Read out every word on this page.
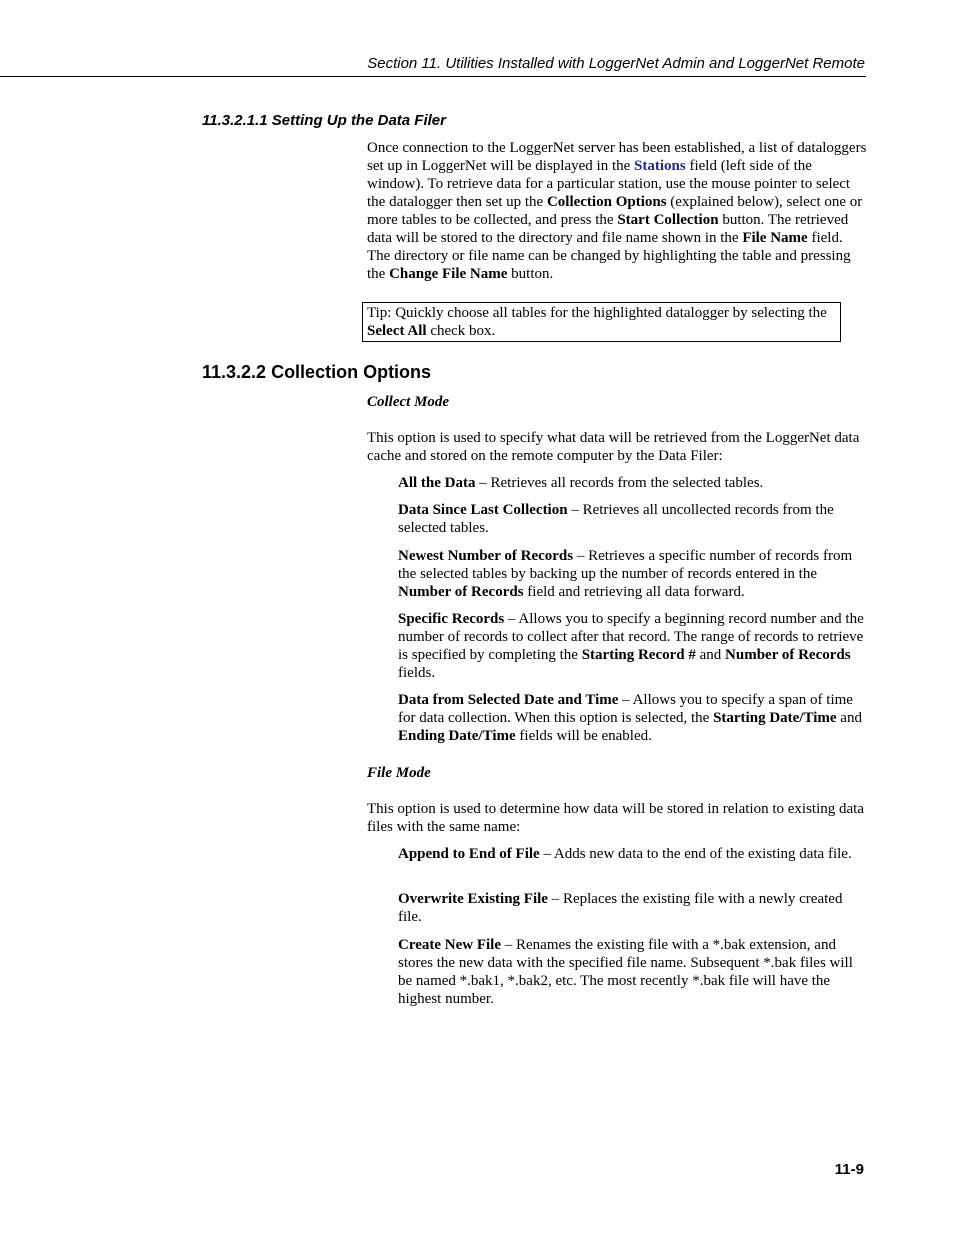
Section 11. Utilities Installed with LoggerNet Admin and LoggerNet Remote
11.3.2.1.1 Setting Up the Data Filer
Once connection to the LoggerNet server has been established, a list of dataloggers set up in LoggerNet will be displayed in the Stations field (left side of the window). To retrieve data for a particular station, use the mouse pointer to select the datalogger then set up the Collection Options (explained below), select one or more tables to be collected, and press the Start Collection button. The retrieved data will be stored to the directory and file name shown in the File Name field. The directory or file name can be changed by highlighting the table and pressing the Change File Name button.
Tip: Quickly choose all tables for the highlighted datalogger by selecting the Select All check box.
11.3.2.2 Collection Options
Collect Mode
This option is used to specify what data will be retrieved from the LoggerNet data cache and stored on the remote computer by the Data Filer:
All the Data – Retrieves all records from the selected tables.
Data Since Last Collection – Retrieves all uncollected records from the selected tables.
Newest Number of Records – Retrieves a specific number of records from the selected tables by backing up the number of records entered in the Number of Records field and retrieving all data forward.
Specific Records – Allows you to specify a beginning record number and the number of records to collect after that record. The range of records to retrieve is specified by completing the Starting Record # and Number of Records fields.
Data from Selected Date and Time – Allows you to specify a span of time for data collection. When this option is selected, the Starting Date/Time and Ending Date/Time fields will be enabled.
File Mode
This option is used to determine how data will be stored in relation to existing data files with the same name:
Append to End of File – Adds new data to the end of the existing data file.
Overwrite Existing File – Replaces the existing file with a newly created file.
Create New File – Renames the existing file with a *.bak extension, and stores the new data with the specified file name. Subsequent *.bak files will be named *.bak1, *.bak2, etc. The most recently *.bak file will have the highest number.
11-9
